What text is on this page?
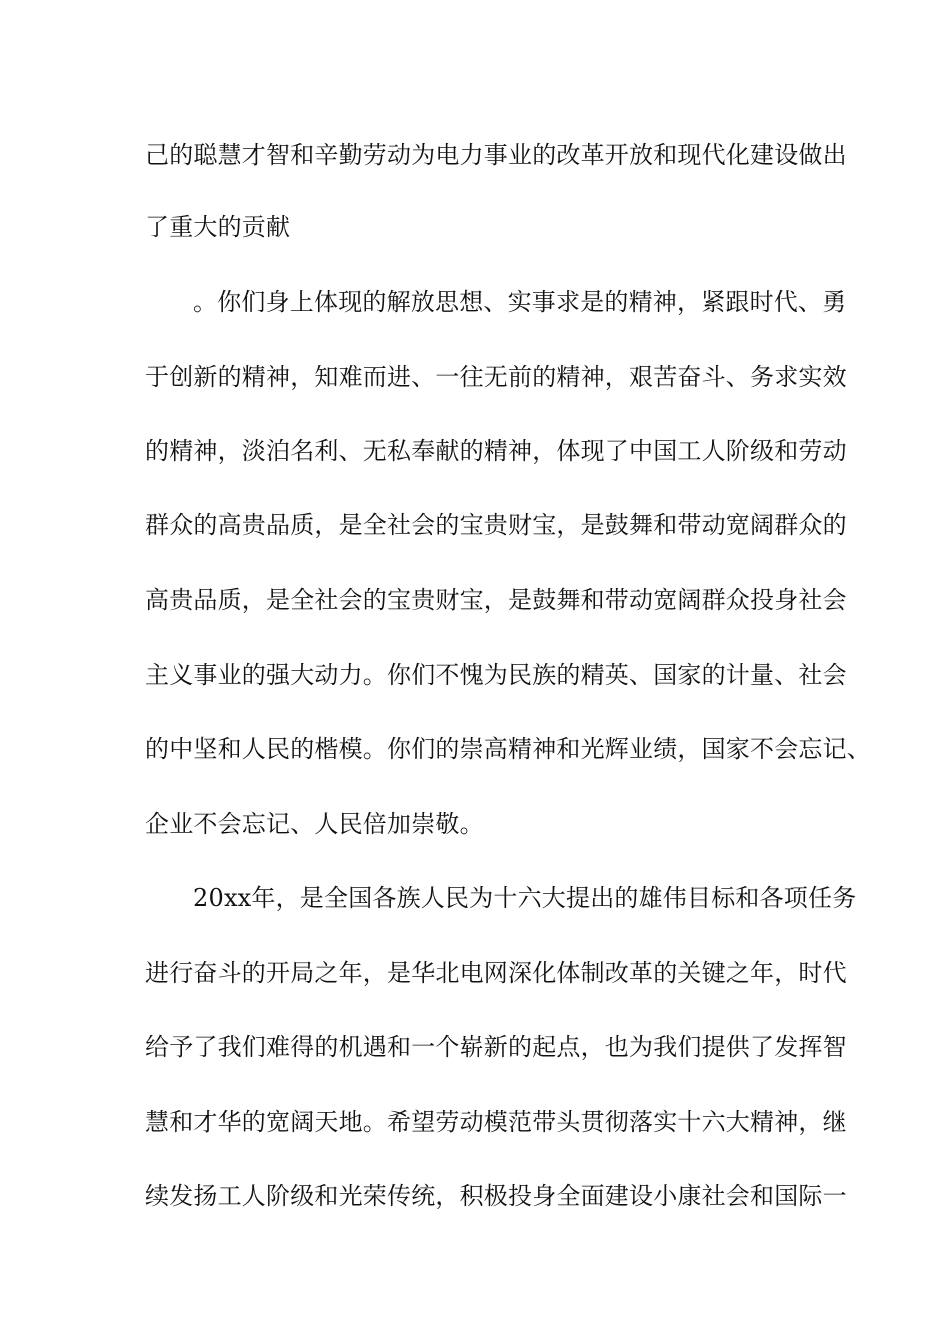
己的聪慧才智和辛勤劳动为电力事业的改革开放和现代化建设做出
了重大的贡献
。你们身上体现的解放思想、实事求是的精神，紧跟时代、勇
于创新的精神，知难而进、一往无前的精神，艰苦奋斗、务求实效
的精神，淡泊名利、无私奉献的精神，体现了中国工人阶级和劳动
群众的高贵品质，是全社会的宝贵财宝，是鼓舞和带动宽阔群众的
高贵品质，是全社会的宝贵财宝，是鼓舞和带动宽阔群众投身社会
主义事业的强大动力。你们不愧为民族的精英、国家的计量、社会
的中坚和人民的楷模。你们的崇高精神和光辉业绩，国家不会忘记、
企业不会忘记、人民倍加崇敬。
20xx年，是全国各族人民为十六大提出的雄伟目标和各项任务
进行奋斗的开局之年，是华北电网深化体制改革的关键之年，时代
给予了我们难得的机遇和一个崭新的起点，也为我们提供了发挥智
慧和才华的宽阔天地。希望劳动模范带头贯彻落实十六大精神，继
续发扬工人阶级和光荣传统，积极投身全面建设小康社会和国际一
